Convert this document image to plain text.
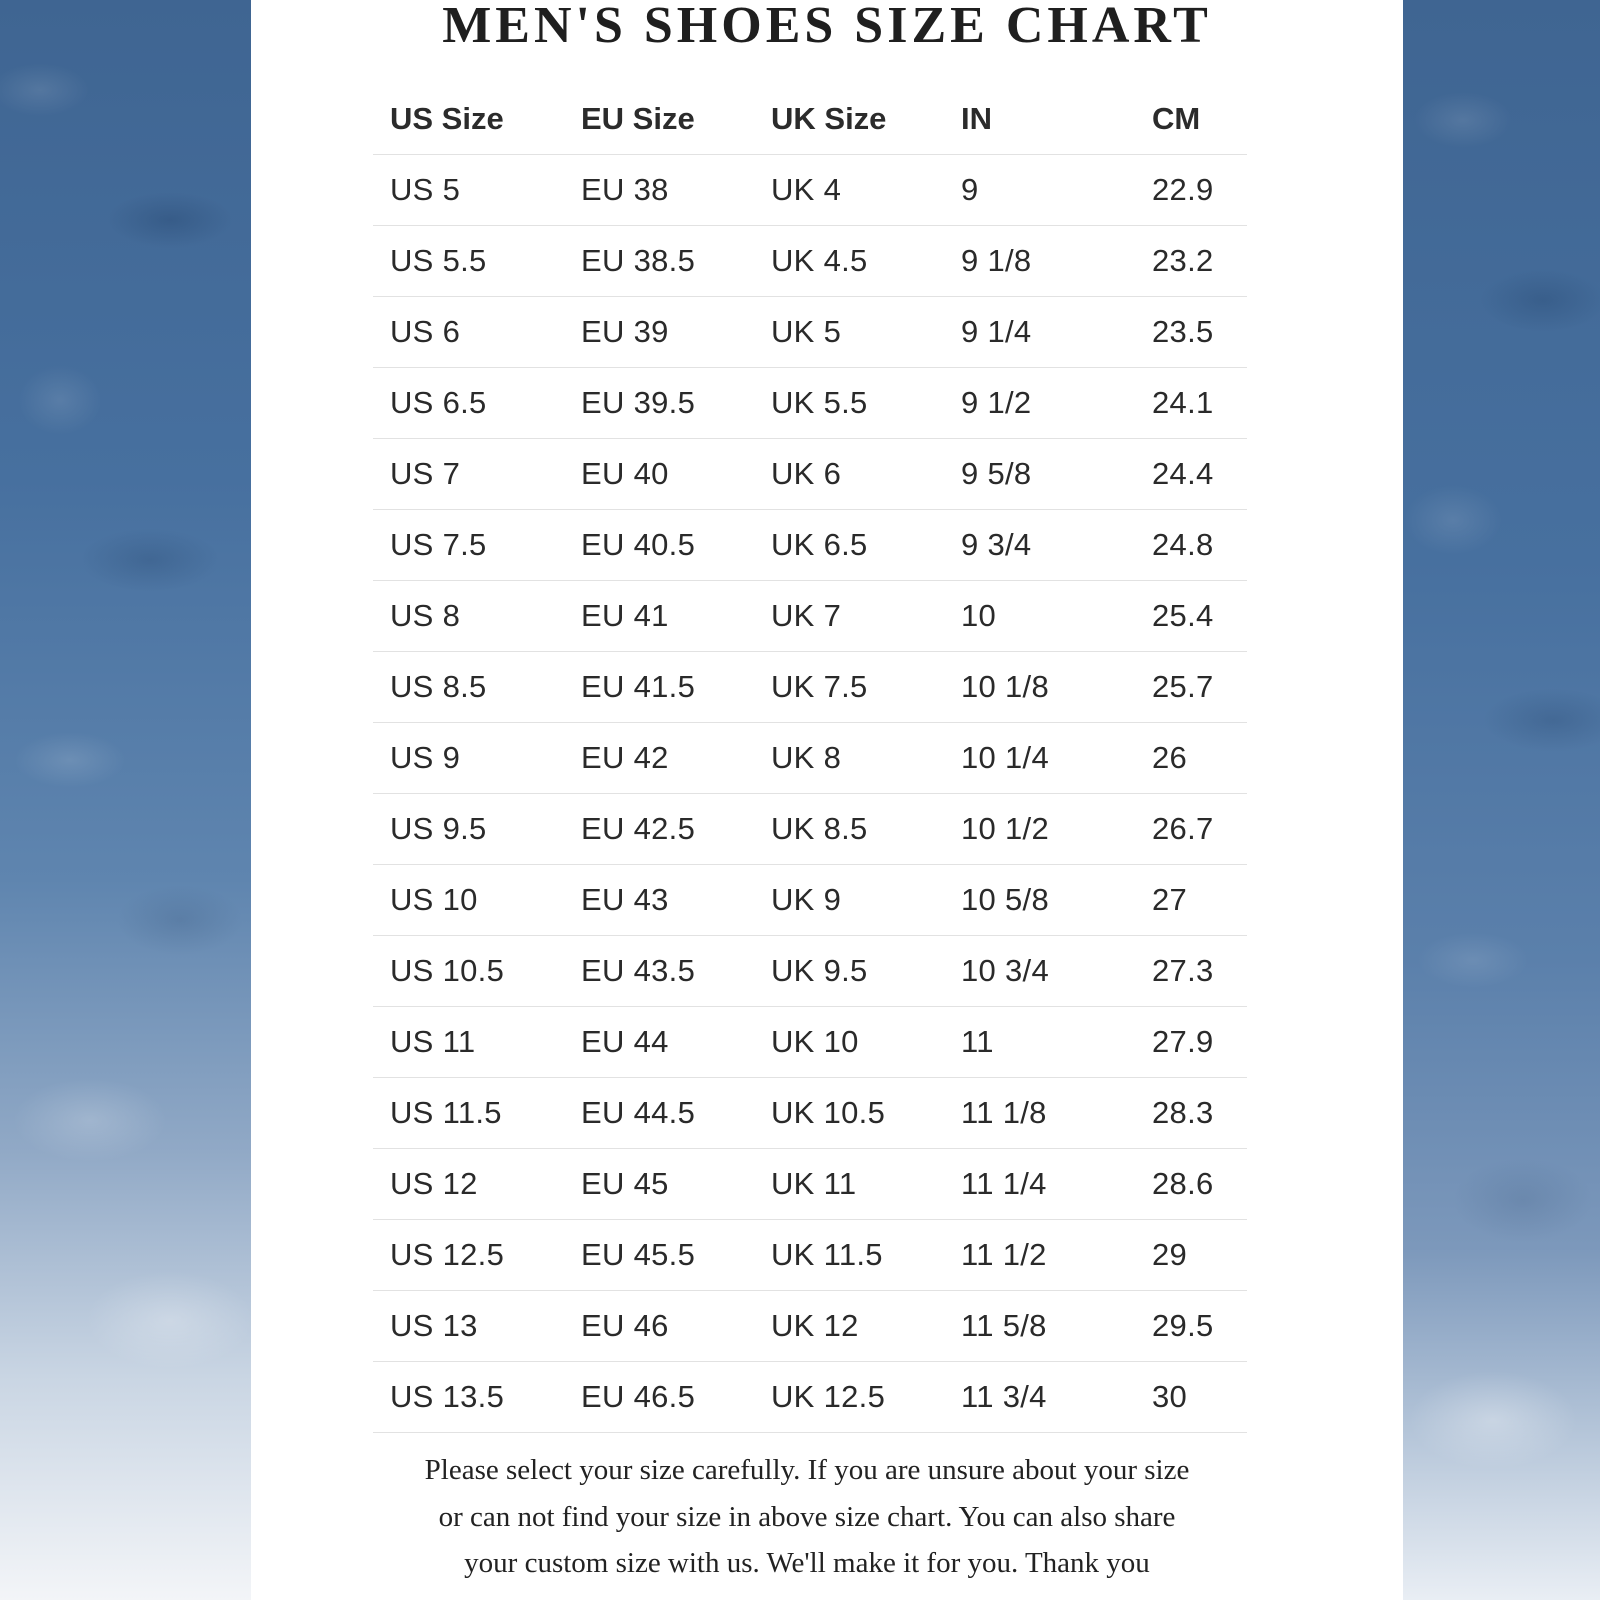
MEN'S SHOES SIZE CHART
US Size	EU Size	UK Size	IN	CM
US 5	EU 38	UK 4	9	22.9
US 5.5	EU 38.5	UK 4.5	9 1/8	23.2
US 6	EU 39	UK 5	9 1/4	23.5
US 6.5	EU 39.5	UK 5.5	9 1/2	24.1
US 7	EU 40	UK 6	9 5/8	24.4
US 7.5	EU 40.5	UK 6.5	9 3/4	24.8
US 8	EU 41	UK 7	10	25.4
US 8.5	EU 41.5	UK 7.5	10 1/8	25.7
US 9	EU 42	UK 8	10 1/4	26
US 9.5	EU 42.5	UK 8.5	10 1/2	26.7
US 10	EU 43	UK 9	10 5/8	27
US 10.5	EU 43.5	UK 9.5	10 3/4	27.3
US 11	EU 44	UK 10	11	27.9
US 11.5	EU 44.5	UK 10.5	11 1/8	28.3
US 12	EU 45	UK 11	11 1/4	28.6
US 12.5	EU 45.5	UK 11.5	11 1/2	29
US 13	EU 46	UK 12	11 5/8	29.5
US 13.5	EU 46.5	UK 12.5	11 3/4	30

Please select your size carefully. If you are unsure about your size
or can not find your size in above size chart. You can also share
your custom size with us. We'll make it for you. Thank you
